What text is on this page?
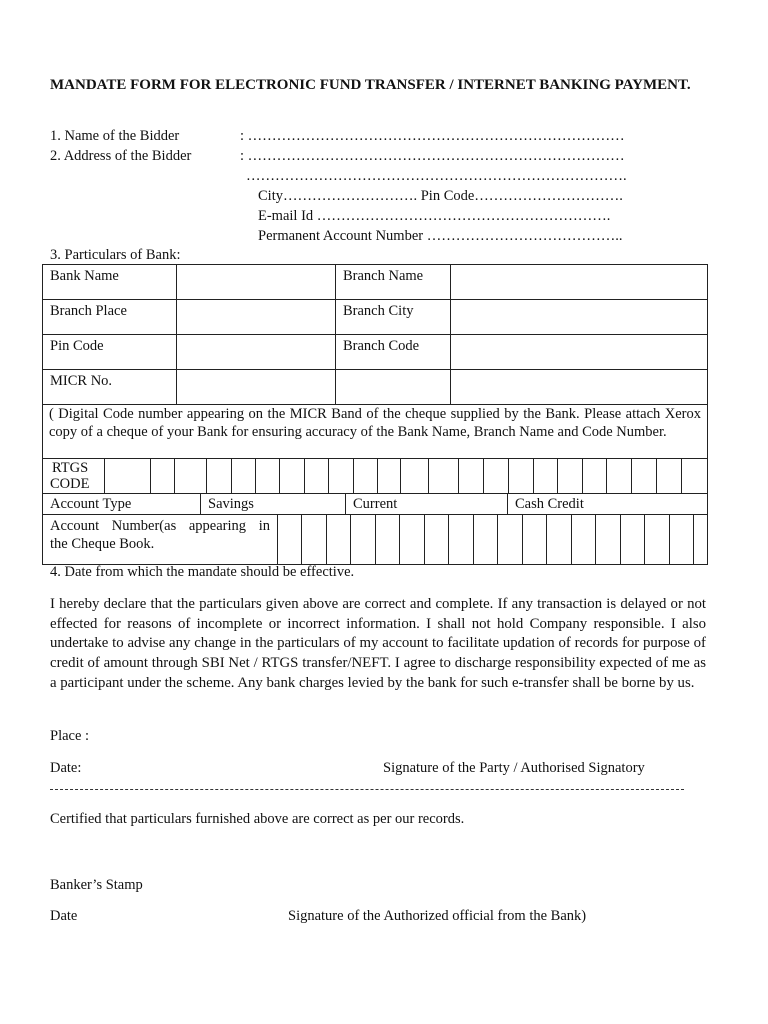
MANDATE FORM FOR ELECTRONIC FUND TRANSFER / INTERNET BANKING PAYMENT.
1. Name of the Bidder	: ……………………………………………………………………
2. Address of the Bidder	: ……………………………………………………………………
…………………………………………………………………….
City………………………. Pin Code………………………….
E-mail Id …………………………………………………….
Permanent Account Number …………………………………..
3. Particulars of Bank:
Bank Name	Branch Name
Branch Place	Branch City
Pin Code	Branch Code
MICR No.
( Digital Code number appearing on the MICR Band of the cheque supplied by the Bank. Please attach Xerox copy of a cheque of your Bank for ensuring accuracy of the Bank Name, Branch Name and Code Number.
RTGS
CODE
Account Type	Savings	Current	Cash Credit
Account Number(as appearing in
the Cheque Book.
4. Date from which the mandate should be effective.
I hereby declare that the particulars given above are correct and complete. If any transaction is delayed or not effected for reasons of incomplete or incorrect information. I shall not hold Company responsible. I also undertake to advise any change in the particulars of my account to facilitate updation of records for purpose of credit of amount through SBI Net / RTGS transfer/NEFT. I agree to discharge responsibility expected of me as a participant under the scheme. Any bank charges levied by the bank for such e-transfer shall be borne by us.
Place :
Date:	Signature of the Party / Authorised Signatory
Certified that particulars furnished above are correct as per our records.
Banker’s Stamp
Date	Signature of the Authorized official from the Bank)
